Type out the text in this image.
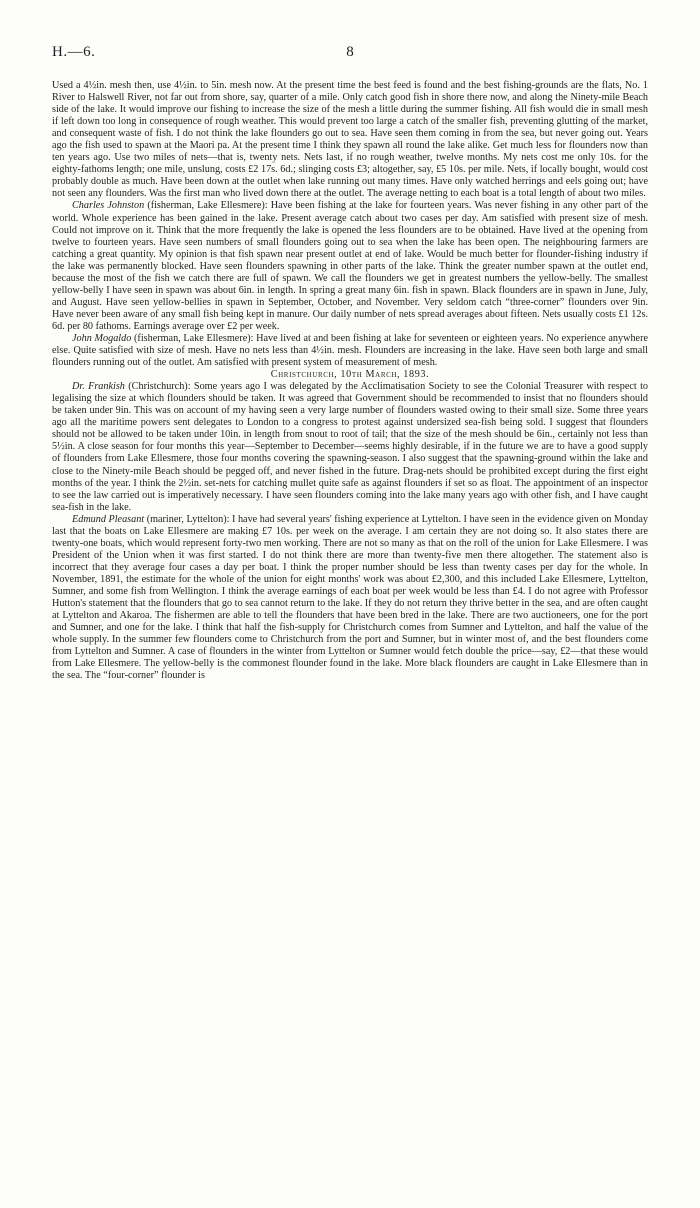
H.—6.	8

Used a 4½in. mesh then, use 4½in. to 5in. mesh now. At the present time the best feed is found and the best fishing-grounds are the flats, No. 1 River to Halswell River, not far out from shore, say, quarter of a mile. Only catch good fish in shore there now, and along the Ninety-mile Beach side of the lake. It would improve our fishing to increase the size of the mesh a little during the summer fishing. All fish would die in small mesh if left down too long in consequence of rough weather. This would prevent too large a catch of the smaller fish, preventing glutting of the market, and consequent waste of fish. I do not think the lake flounders go out to sea. Have seen them coming in from the sea, but never going out. Years ago the fish used to spawn at the Maori pa. At the present time I think they spawn all round the lake alike. Get much less for flounders now than ten years ago. Use two miles of nets—that is, twenty nets. Nets last, if no rough weather, twelve months. My nets cost me only 10s. for the eighty-fathoms length; one mile, unslung, costs £2 17s. 6d.; slinging costs £3; altogether, say, £5 10s. per mile. Nets, if locally bought, would cost probably double as much. Have been down at the outlet when lake running out many times. Have only watched herrings and eels going out; have not seen any flounders. Was the first man who lived down there at the outlet. The average netting to each boat is a total length of about two miles.

Charles Johnston (fisherman, Lake Ellesmere): Have been fishing at the lake for fourteen years. Was never fishing in any other part of the world. Whole experience has been gained in the lake. Present average catch about two cases per day. Am satisfied with present size of mesh. Could not improve on it. Think that the more frequently the lake is opened the less flounders are to be obtained. Have lived at the opening from twelve to fourteen years. Have seen numbers of small flounders going out to sea when the lake has been open. The neighbouring farmers are catching a great quantity. My opinion is that fish spawn near present outlet at end of lake. Would be much better for flounder-fishing industry if the lake was permanently blocked. Have seen flounders spawning in other parts of the lake. Think the greater number spawn at the outlet end, because the most of the fish we catch there are full of spawn. We call the flounders we get in greatest numbers the yellow-belly. The smallest yellow-belly I have seen in spawn was about 6in. in length. In spring a great many 6in. fish in spawn. Black flounders are in spawn in June, July, and August. Have seen yellow-bellies in spawn in September, October, and November. Very seldom catch “three-corner” flounders over 9in. Have never been aware of any small fish being kept in manure. Our daily number of nets spread averages about fifteen. Nets usually costs £1 12s. 6d. per 80 fathoms. Earnings average over £2 per week.

John Mogaldo (fisherman, Lake Ellesmere): Have lived at and been fishing at lake for seventeen or eighteen years. No experience anywhere else. Quite satisfied with size of mesh. Have no nets less than 4½in. mesh. Flounders are increasing in the lake. Have seen both large and small flounders running out of the outlet. Am satisfied with present system of measurement of mesh.

Christchurch, 10th March, 1893.

Dr. Frankish (Christchurch): Some years ago I was delegated by the Acclimatisation Society to see the Colonial Treasurer with respect to legalising the size at which flounders should be taken. It was agreed that Government should be recommended to insist that no flounders should be taken under 9in. This was on account of my having seen a very large number of flounders wasted owing to their small size. Some three years ago all the maritime powers sent delegates to London to a congress to protest against undersized sea-fish being sold. I suggest that flounders should not be allowed to be taken under 10in. in length from snout to root of tail; that the size of the mesh should be 6in., certainly not less than 5½in. A close season for four months this year—September to December—seems highly desirable, if in the future we are to have a good supply of flounders from Lake Ellesmere, those four months covering the spawning-season. I also suggest that the spawning-ground within the lake and close to the Ninety-mile Beach should be pegged off, and never fished in the future. Drag-nets should be prohibited except during the first eight months of the year. I think the 2½in. set-nets for catching mullet quite safe as against flounders if set so as float. The appointment of an inspector to see the law carried out is imperatively necessary. I have seen flounders coming into the lake many years ago with other fish, and I have caught sea-fish in the lake.

Edmund Pleasant (mariner, Lyttelton): I have had several years' fishing experience at Lyttelton. I have seen in the evidence given on Monday last that the boats on Lake Ellesmere are making £7 10s. per week on the average. I am certain they are not doing so. It also states there are twenty-one boats, which would represent forty-two men working. There are not so many as that on the roll of the union for Lake Ellesmere. I was President of the Union when it was first started. I do not think there are more than twenty-five men there altogether. The statement also is incorrect that they average four cases a day per boat. I think the proper number should be less than twenty cases per day for the whole. In November, 1891, the estimate for the whole of the union for eight months' work was about £2,300, and this included Lake Ellesmere, Lyttelton, Sumner, and some fish from Wellington. I think the average earnings of each boat per week would be less than £4. I do not agree with Professor Hutton's statement that the flounders that go to sea cannot return to the lake. If they do not return they thrive better in the sea, and are often caught at Lyttelton and Akaroa. The fishermen are able to tell the flounders that have been bred in the lake. There are two auctioneers, one for the port and Sumner, and one for the lake. I think that half the fish-supply for Christchurch comes from Sumner and Lyttelton, and half the value of the whole supply. In the summer few flounders come to Christchurch from the port and Sumner, but in winter most of, and the best flounders come from Lyttelton and Sumner. A case of flounders in the winter from Lyttelton or Sumner would fetch double the price—say, £2—that these would from Lake Ellesmere. The yellow-belly is the commonest flounder found in the lake. More black flounders are caught in Lake Ellesmere than in the sea. The “four-corner” flounder is
